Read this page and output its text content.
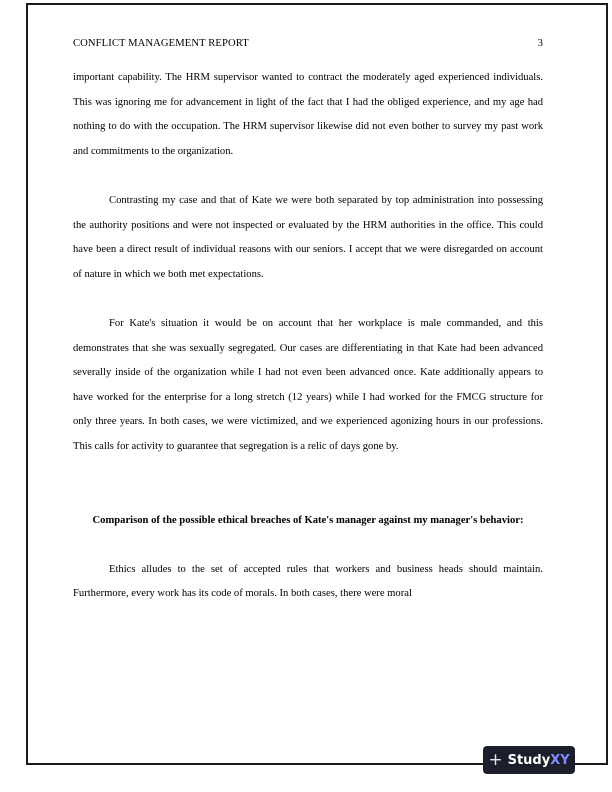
CONFLICT MANAGEMENT REPORT	3

important capability. The HRM supervisor wanted to contract the moderately aged experienced individuals. This was ignoring me for advancement in light of the fact that I had the obliged experience, and my age had nothing to do with the occupation. The HRM supervisor likewise did not even bother to survey my past work and commitments to the organization.

Contrasting my case and that of Kate we were both separated by top administration into possessing the authority positions and were not inspected or evaluated by the HRM authorities in the office. This could have been a direct result of individual reasons with our seniors. I accept that we were disregarded on account of nature in which we both met expectations.

For Kate's situation it would be on account that her workplace is male commanded, and this demonstrates that she was sexually segregated. Our cases are differentiating in that Kate had been advanced severally inside of the organization while I had not even been advanced once. Kate additionally appears to have worked for the enterprise for a long stretch (12 years) while I had worked for the FMCG structure for only three years. In both cases, we were victimized, and we experienced agonizing hours in our professions. This calls for activity to guarantee that segregation is a relic of days gone by.

Comparison of the possible ethical breaches of Kate's manager against my manager's behavior:

Ethics alludes to the set of accepted rules that workers and business heads should maintain. Furthermore, every work has its code of morals. In both cases, there were moral

+ Study XY
